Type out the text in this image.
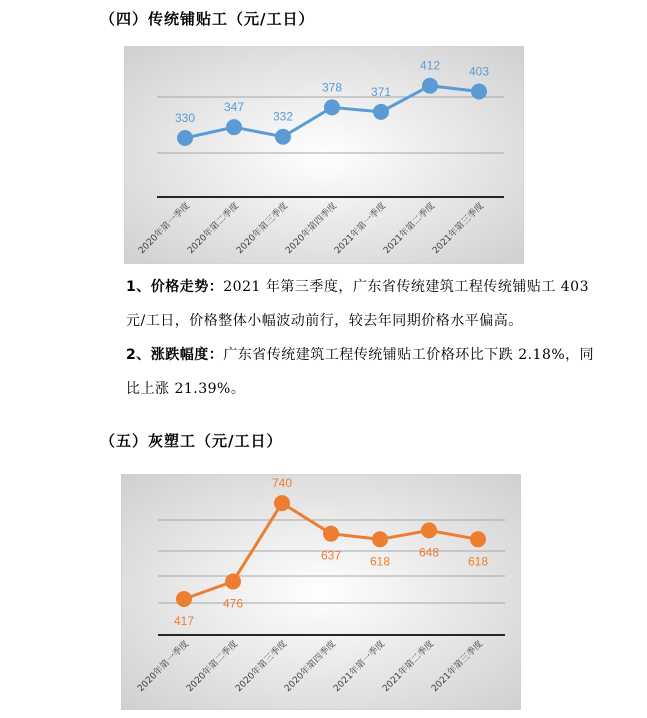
（四）传统铺贴工（元/工日）
330
347
332
378 371
412 403
2020年第一季度
2020年第二季度
2020年第三季度
2020年第四季度
2021年第一季度
2021年第二季度
2021年第三季度
1、价格走势：2021 年第三季度，广东省传统建筑工程传统铺贴工 403 元/工日，价格整体小幅波动前行，较去年同期价格水平偏高。
2、涨跌幅度：广东省传统建筑工程传统铺贴工价格环比下跌 2.18%，同比上涨 21.39%。
（五）灰塑工（元/工日）
417
476
740
637 618
648
618
2020年第一季度
2020年第二季度
2020年第三季度
2020年第四季度
2021年第一季度
2021年第二季度
2021年第三季度
